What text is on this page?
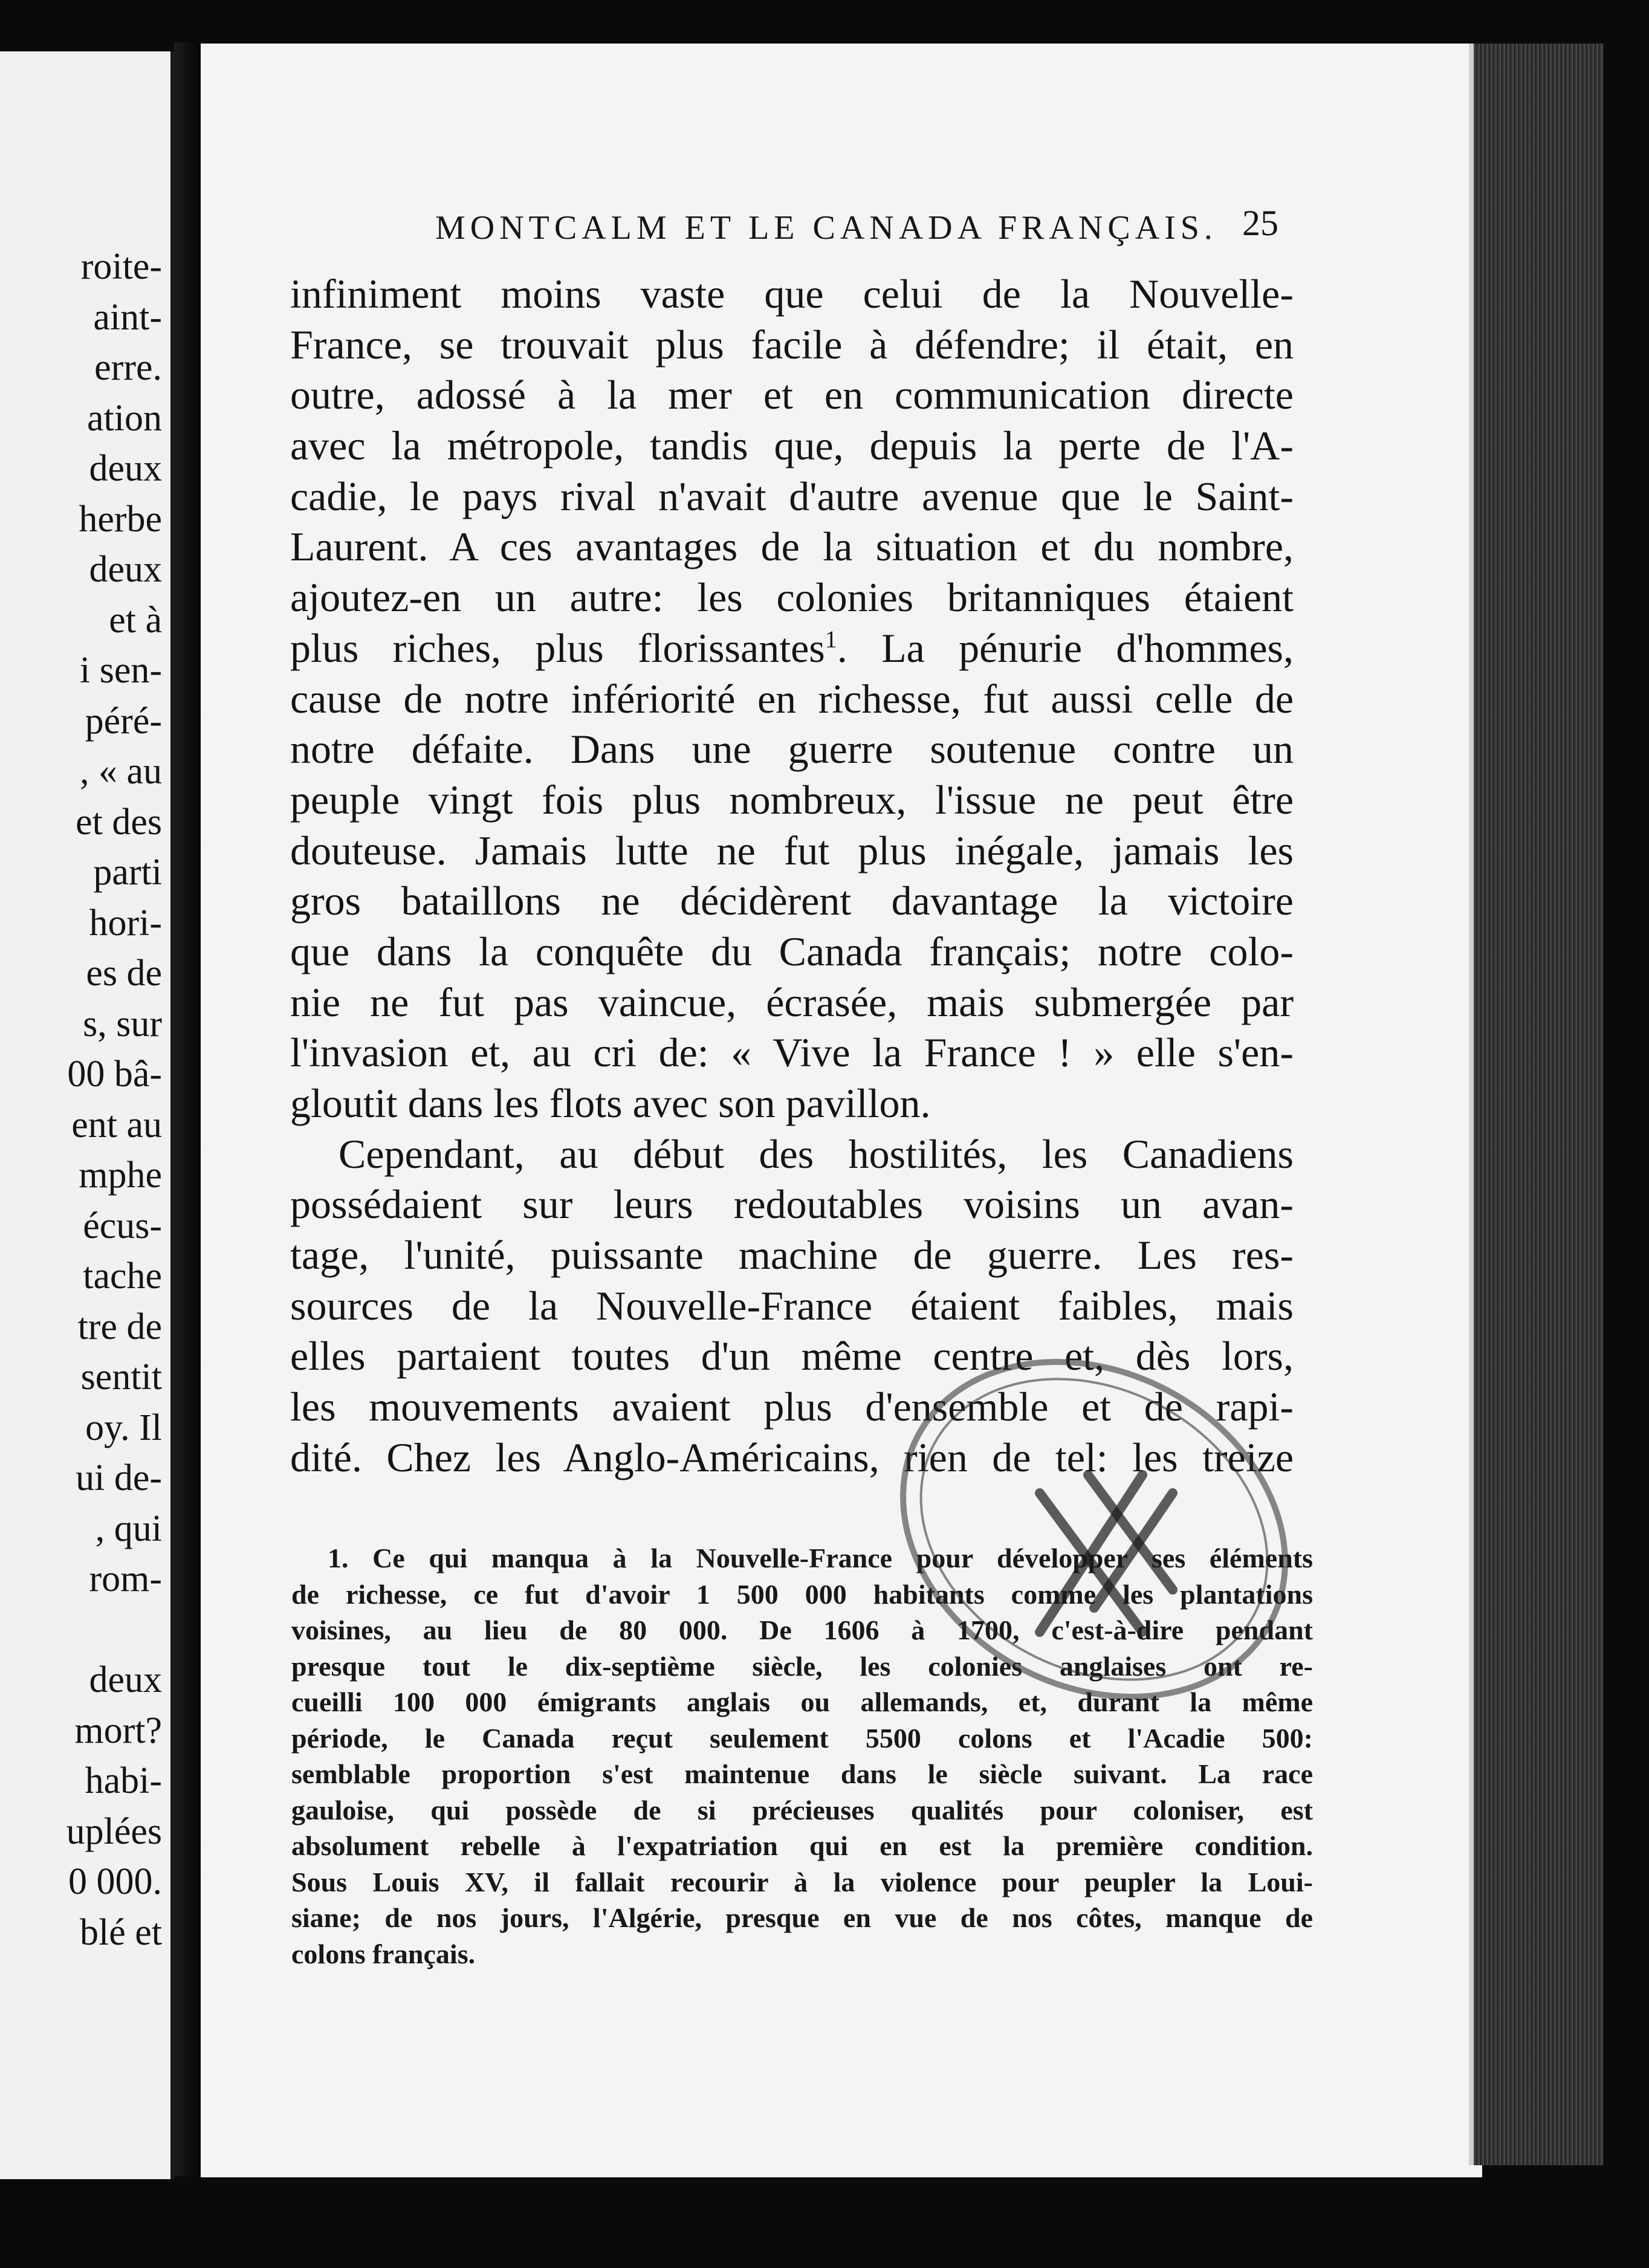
roite-
aint-
erre.
ation
deux
herbe
deux
et à
i sen-
péré-
, « au
et des
parti
hori-
es de
s, sur
00 bâ-
ent au
mphe
écus-
tache
tre de
sentit
oy. Il
ui de-
, qui
rom-
deux
mort?
habi-
uplées
0 000.
blé et
MONTCALM ET LE CANADA FRANÇAIS. 25
infiniment moins vaste que celui de la Nouvelle-
France, se trouvait plus facile à défendre; il était, en
outre, adossé à la mer et en communication directe
avec la métropole, tandis que, depuis la perte de l'A-
cadie, le pays rival n'avait d'autre avenue que le Saint-
Laurent. A ces avantages de la situation et du nombre,
ajoutez-en un autre: les colonies britanniques étaient
plus riches, plus florissantes$^1$. La pénurie d'hommes,
cause de notre infériorité en richesse, fut aussi celle de
notre défaite. Dans une guerre soutenue contre un
peuple vingt fois plus nombreux, l'issue ne peut être
douteuse. Jamais lutte ne fut plus inégale, jamais les
gros bataillons ne décidèrent davantage la victoire
que dans la conquête du Canada français; notre colo-
nie ne fut pas vaincue, écrasée, mais submergée par
l'invasion et, au cri de: « Vive la France ! » elle s'en-
gloutit dans les flots avec son pavillon.
Cependant, au début des hostilités, les Canadiens
possédaient sur leurs redoutables voisins un avan-
tage, l'unité, puissante machine de guerre. Les res-
sources de la Nouvelle-France étaient faibles, mais
elles partaient toutes d'un même centre et, dès lors,
les mouvements avaient plus d'ensemble et de rapi-
dité. Chez les Anglo-Américains, rien de tel: les treize
1. Ce qui manqua à la Nouvelle-France pour développer ses éléments
de richesse, ce fut d'avoir 1 500 000 habitants comme les plantations
voisines, au lieu de 80 000. De 1606 à 1700, c'est-à-dire pendant
presque tout le dix-septième siècle, les colonies anglaises ont re-
cueilli 100 000 émigrants anglais ou allemands, et, durant la même
période, le Canada reçut seulement 5500 colons et l'Acadie 500:
semblable proportion s'est maintenue dans le siècle suivant. La race
gauloise, qui possède de si précieuses qualités pour coloniser, est
absolument rebelle à l'expatriation qui en est la première condition.
Sous Louis XV, il fallait recourir à la violence pour peupler la Loui-
siane; de nos jours, l'Algérie, presque en vue de nos côtes, manque de
colons français.
